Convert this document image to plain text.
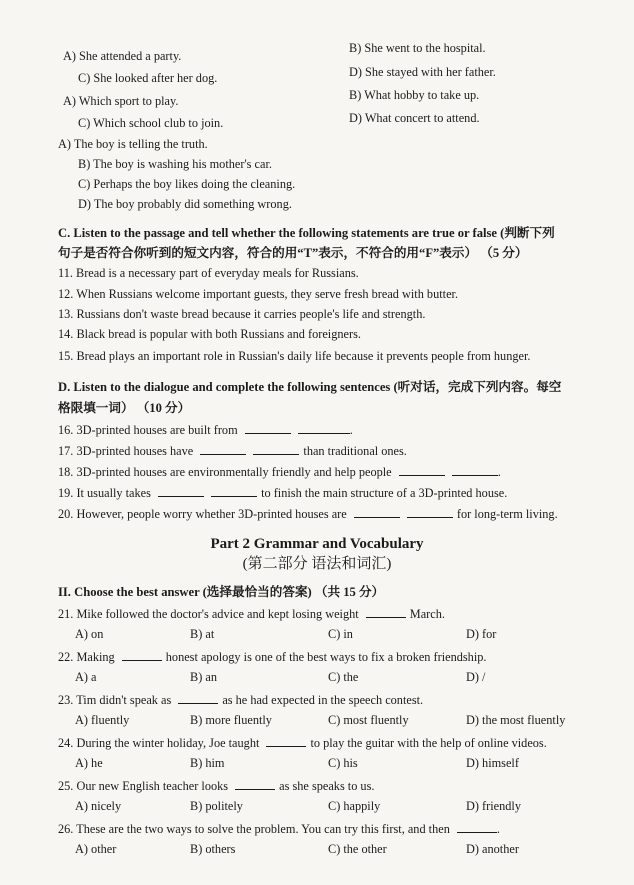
A) She attended a party.
B) She went to the hospital.
C) She looked after her dog.	D) She stayed with her father.
A) Which sport to play.	B) What hobby to take up.
C) Which school club to join.	D) What concert to attend.
A) The boy is telling the truth.
B) The boy is washing his mother's car.
C) Perhaps the boy likes doing the cleaning.
D) The boy probably did something wrong.
C. Listen to the passage and tell whether the following statements are true or false (判断下列
句子是否符合你听到的短文内容，符合的用“T”表示，不符合的用“F”表示） （5 分）
11. Bread is a necessary part of everyday meals for Russians.
12. When Russians welcome important guests, they serve fresh bread with butter.
13. Russians don't waste bread because it carries people's life and strength.
14. Black bread is popular with both Russians and foreigners.
15. Bread plays an important role in Russian's daily life because it prevents people from hunger.
D. Listen to the dialogue and complete the following sentences (听对话，完成下列内容。每空
格限填一词） （10 分）
16. 3D-printed houses are built from	.
17. 3D-printed houses have	than traditional ones.
18. 3D-printed houses are environmentally friendly and help people	.
19. It usually takes	to finish the main structure of a 3D-printed house.
20. However, people worry whether 3D-printed houses are	for long-term living.
Part 2 Grammar and Vocabulary
(第二部分 语法和词汇)
II. Choose the best answer (选择最恰当的答案) （共 15 分）
21. Mike followed the doctor's advice and kept losing weight	March.
A) on	B) at	C) in	D) for
22. Making	honest apology is one of the best ways to fix a broken friendship.
A) a	B) an	C) the	D) /
23. Tim didn't speak as	as he had expected in the speech contest.
A) fluently	B) more fluently	C) most fluently	D) the most fluently
24. During the winter holiday, Joe taught	to play the guitar with the help of online videos.
A) he	B) him	C) his	D) himself
25. Our new English teacher looks	as she speaks to us.
A) nicely	B) politely	C) happily	D) friendly
26. These are the two ways to solve the problem. You can try this first, and then	.
A) other	B) others	C) the other	D) another
